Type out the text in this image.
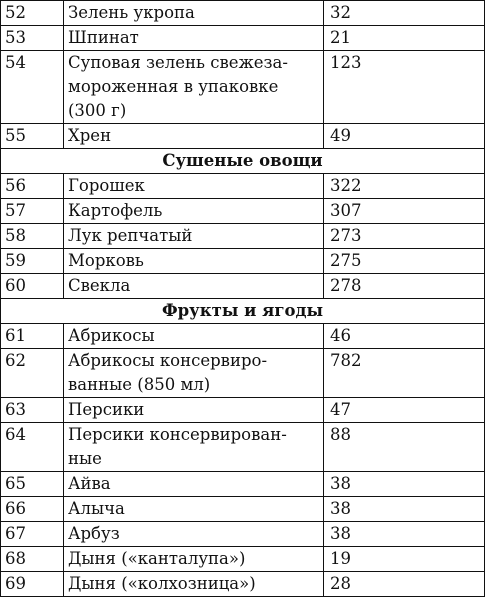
52	Зелень укропа	32
53	Шпинат	21
54	Суповая зелень свежеза-
мороженная в упаковке
(300 г)	123
55	Хрен	49
Сушеные овощи		
56	Горошек	322
57	Картофель	307
58	Лук репчатый	273
59	Морковь	275
60	Свекла	278
Фрукты и ягоды		
61	Абрикосы	46
62	Абрикосы консервиро-
ванные (850 мл)	782
63	Персики	47
64	Персики консервирован-
ные	88
65	Айва	38
66	Алыча	38
67	Арбуз	38
68	Дыня («канталупа»)	19
69	Дыня («колхозница»)	28
